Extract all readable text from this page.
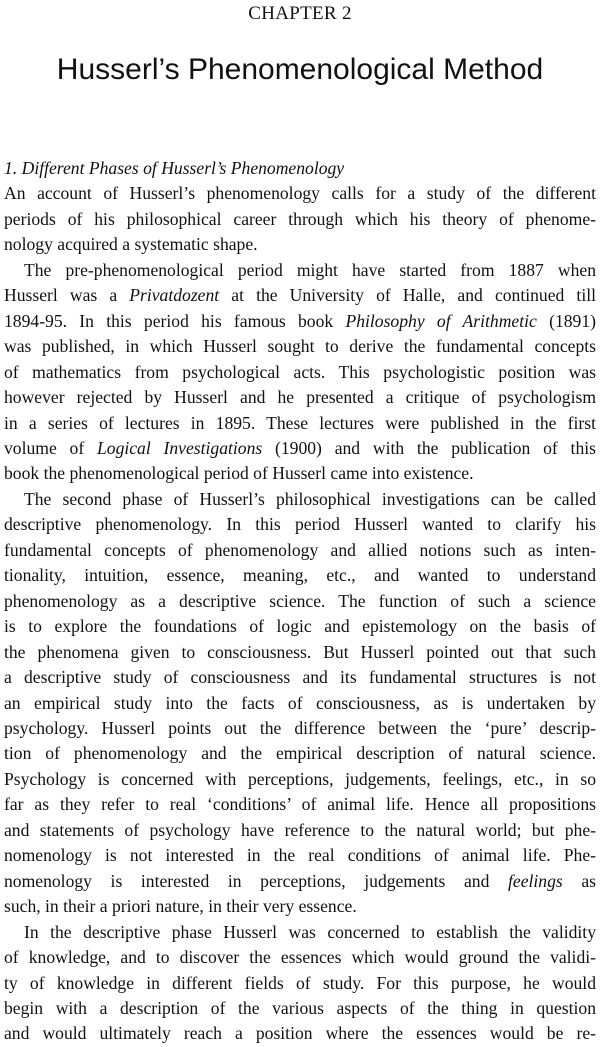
CHAPTER 2
Husserl’s Phenomenological Method

1. Different Phases of Husserl’s Phenomenology

An account of Husserl’s phenomenology calls for a study of the different
periods of his philosophical career through which his theory of phenome-
nology acquired a systematic shape.

The pre-phenomenological period might have started from 1887 when
Husserl was a Privatdozent at the University of Halle, and continued till
1894-95. In this period his famous book Philosophy of Arithmetic (1891)
was published, in which Husserl sought to derive the fundamental concepts
of mathematics from psychological acts. This psychologistic position was
however rejected by Husserl and he presented a critique of psychologism
in a series of lectures in 1895. These lectures were published in the first
volume of Logical Investigations (1900) and with the publication of this
book the phenomenological period of Husserl came into existence.

The second phase of Husserl’s philosophical investigations can be called
descriptive phenomenology. In this period Husserl wanted to clarify his
fundamental concepts of phenomenology and allied notions such as inten-
tionality, intuition, essence, meaning, etc., and wanted to understand
phenomenology as a descriptive science. The function of such a science
is to explore the foundations of logic and epistemology on the basis of
the phenomena given to consciousness. But Husserl pointed out that such
a descriptive study of consciousness and its fundamental structures is not
an empirical study into the facts of consciousness, as is undertaken by
psychology. Husserl points out the difference between the ‘pure’ descrip-
tion of phenomenology and the empirical description of natural science.
Psychology is concerned with perceptions, judgements, feelings, etc., in so
far as they refer to real ‘conditions’ of animal life. Hence all propositions
and statements of psychology have reference to the natural world; but phe-
nomenology is not interested in the real conditions of animal life. Phe-
nomenology is interested in perceptions, judgements and feelings as
such, in their a priori nature, in their very essence.

In the descriptive phase Husserl was concerned to establish the validity
of knowledge, and to discover the essences which would ground the validi-
ty of knowledge in different fields of study. For this purpose, he would
begin with a description of the various aspects of the thing in question
and would ultimately reach a position where the essences would be re-
